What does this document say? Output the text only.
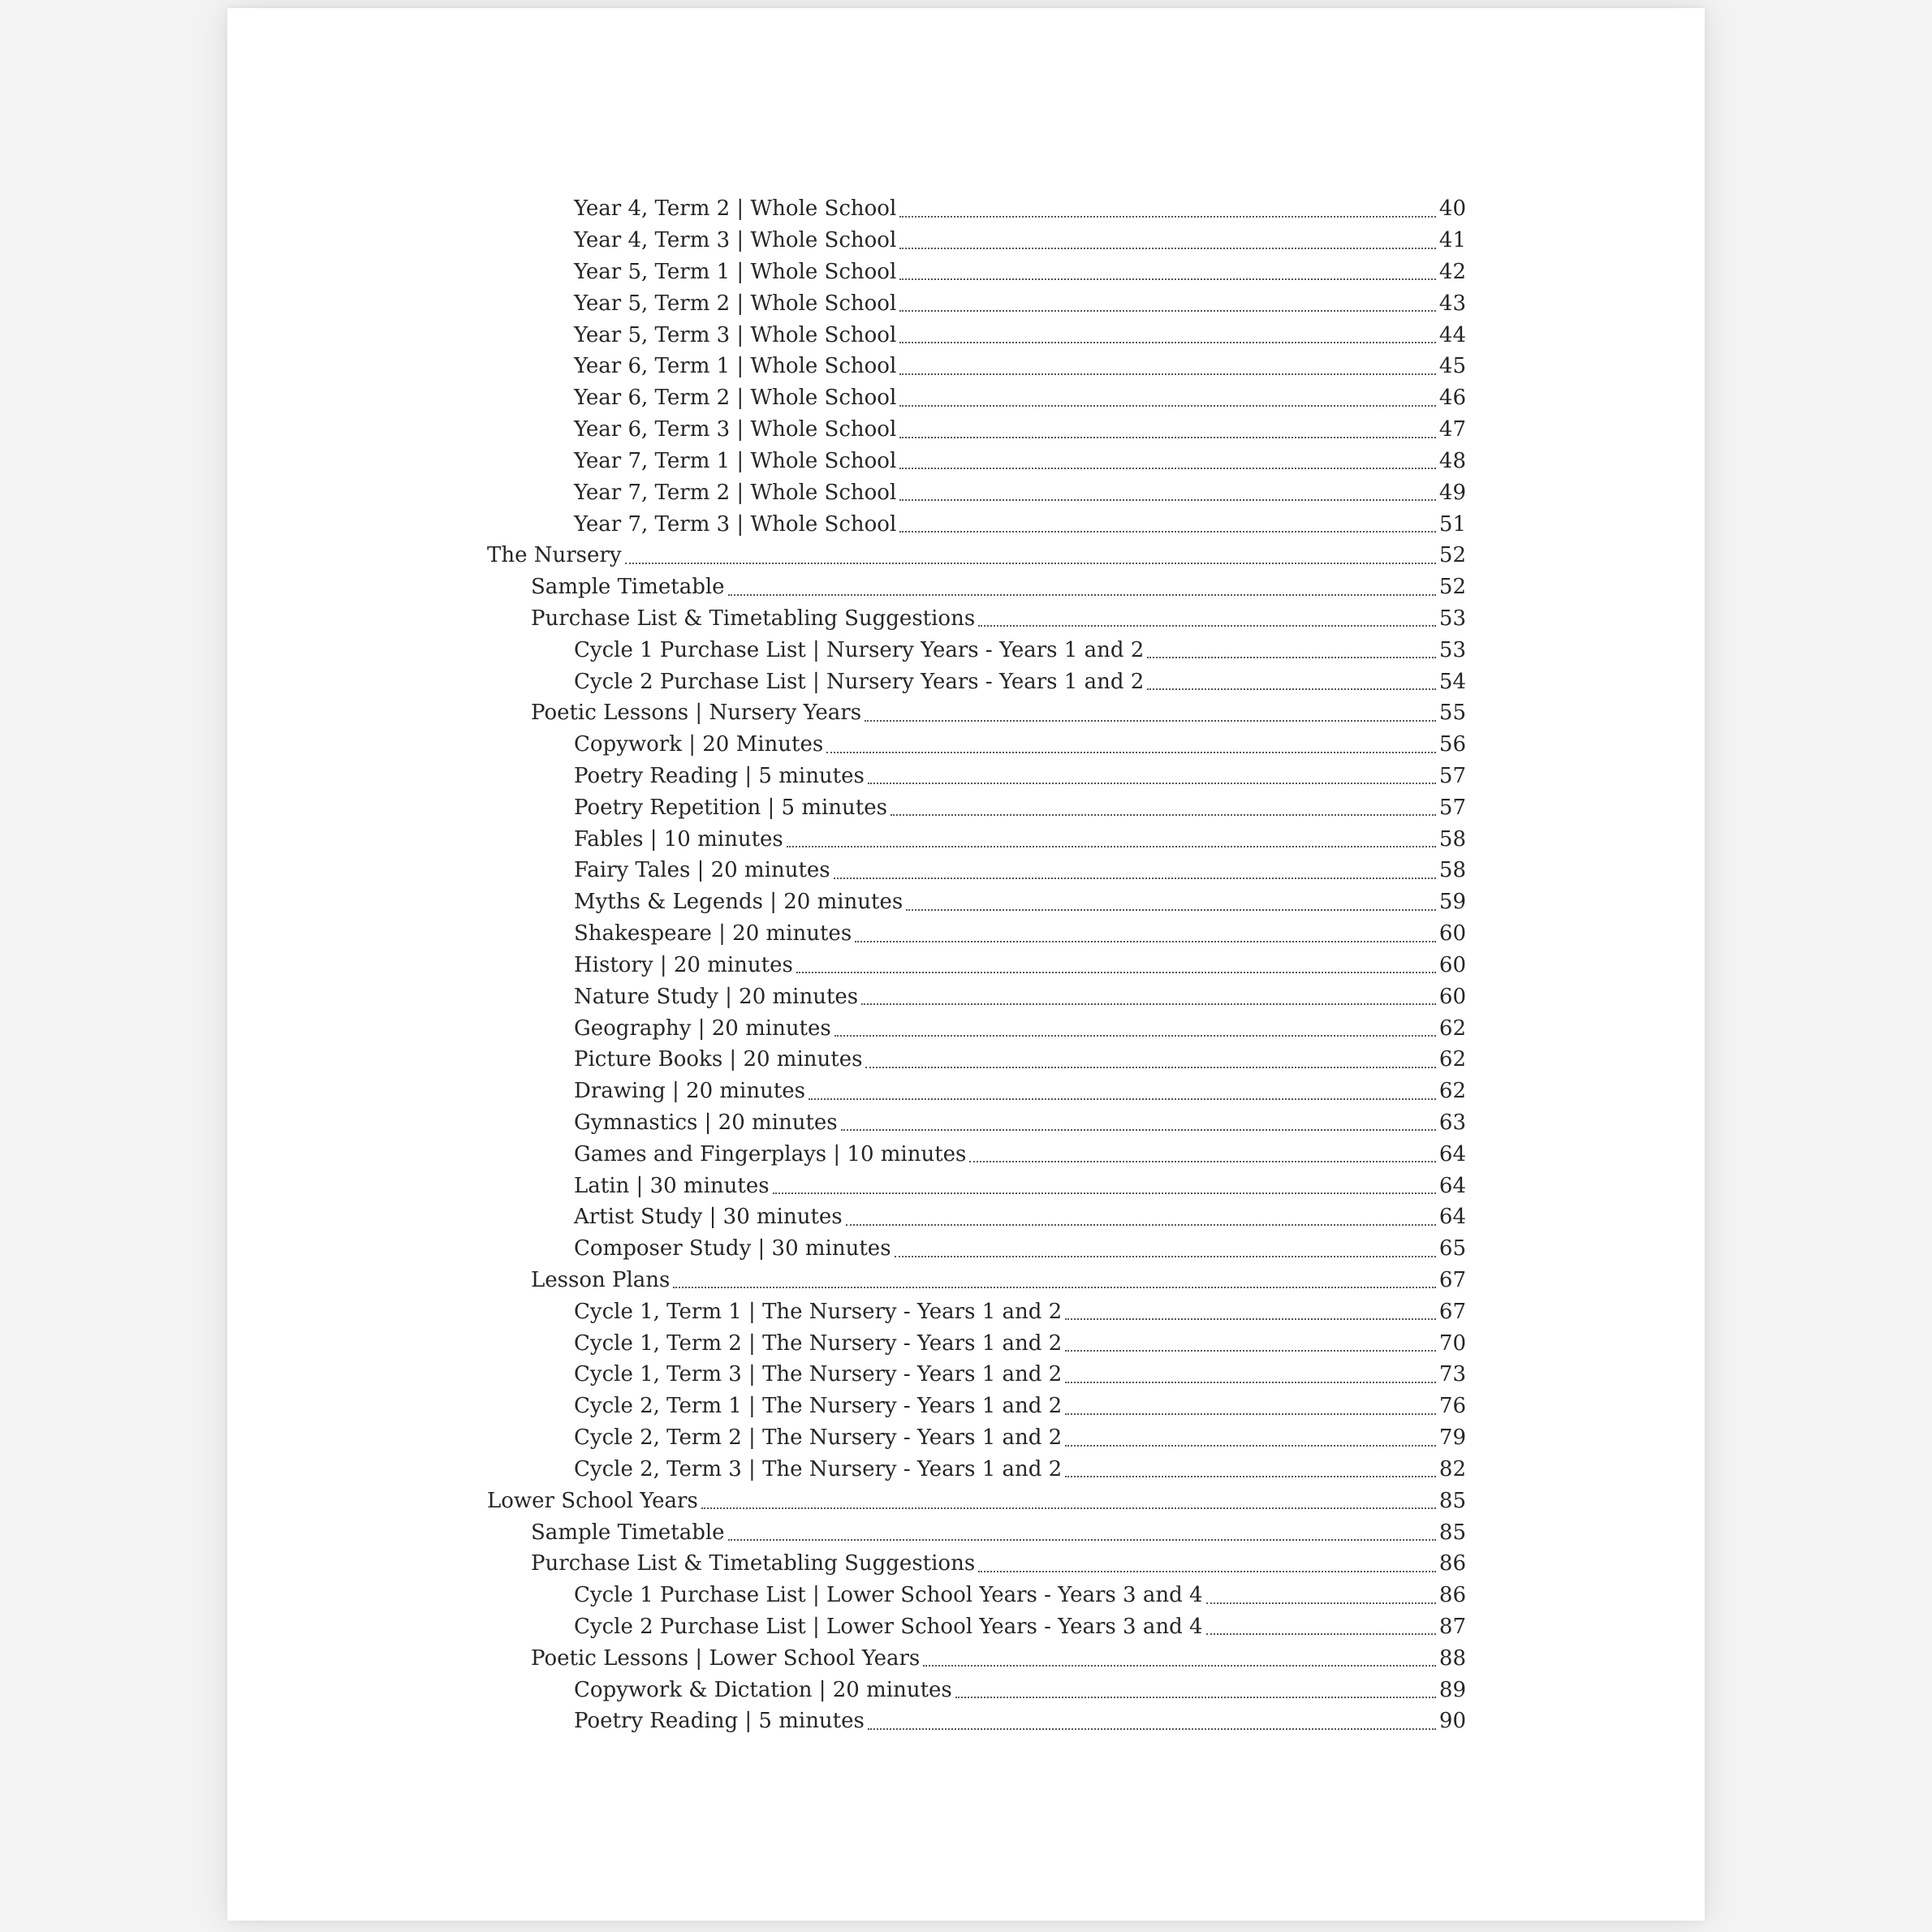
Year 4, Term 2 | Whole School	40
Year 4, Term 3 | Whole School	41
Year 5, Term 1 | Whole School	42
Year 5, Term 2 | Whole School	43
Year 5, Term 3 | Whole School	44
Year 6, Term 1 | Whole School	45
Year 6, Term 2 | Whole School	46
Year 6, Term 3 | Whole School	47
Year 7, Term 1 | Whole School	48
Year 7, Term 2 | Whole School	49
Year 7, Term 3 | Whole School	51
The Nursery	52
Sample Timetable	52
Purchase List & Timetabling Suggestions	53
Cycle 1 Purchase List | Nursery Years - Years 1 and 2	53
Cycle 2 Purchase List | Nursery Years - Years 1 and 2	54
Poetic Lessons | Nursery Years	55
Copywork | 20 Minutes	56
Poetry Reading | 5 minutes	57
Poetry Repetition | 5 minutes	57
Fables | 10 minutes	58
Fairy Tales | 20 minutes	58
Myths & Legends | 20 minutes	59
Shakespeare | 20 minutes	60
History | 20 minutes	60
Nature Study | 20 minutes	60
Geography | 20 minutes	62
Picture Books | 20 minutes	62
Drawing | 20 minutes	62
Gymnastics | 20 minutes	63
Games and Fingerplays | 10 minutes	64
Latin | 30 minutes	64
Artist Study | 30 minutes	64
Composer Study | 30 minutes	65
Lesson Plans	67
Cycle 1, Term 1 | The Nursery - Years 1 and 2	67
Cycle 1, Term 2 | The Nursery - Years 1 and 2	70
Cycle 1, Term 3 | The Nursery - Years 1 and 2	73
Cycle 2, Term 1 | The Nursery - Years 1 and 2	76
Cycle 2, Term 2 | The Nursery - Years 1 and 2	79
Cycle 2, Term 3 | The Nursery - Years 1 and 2	82
Lower School Years	85
Sample Timetable	85
Purchase List & Timetabling Suggestions	86
Cycle 1 Purchase List | Lower School Years - Years 3 and 4	86
Cycle 2 Purchase List | Lower School Years - Years 3 and 4	87
Poetic Lessons | Lower School Years	88
Copywork & Dictation | 20 minutes	89
Poetry Reading | 5 minutes	90
